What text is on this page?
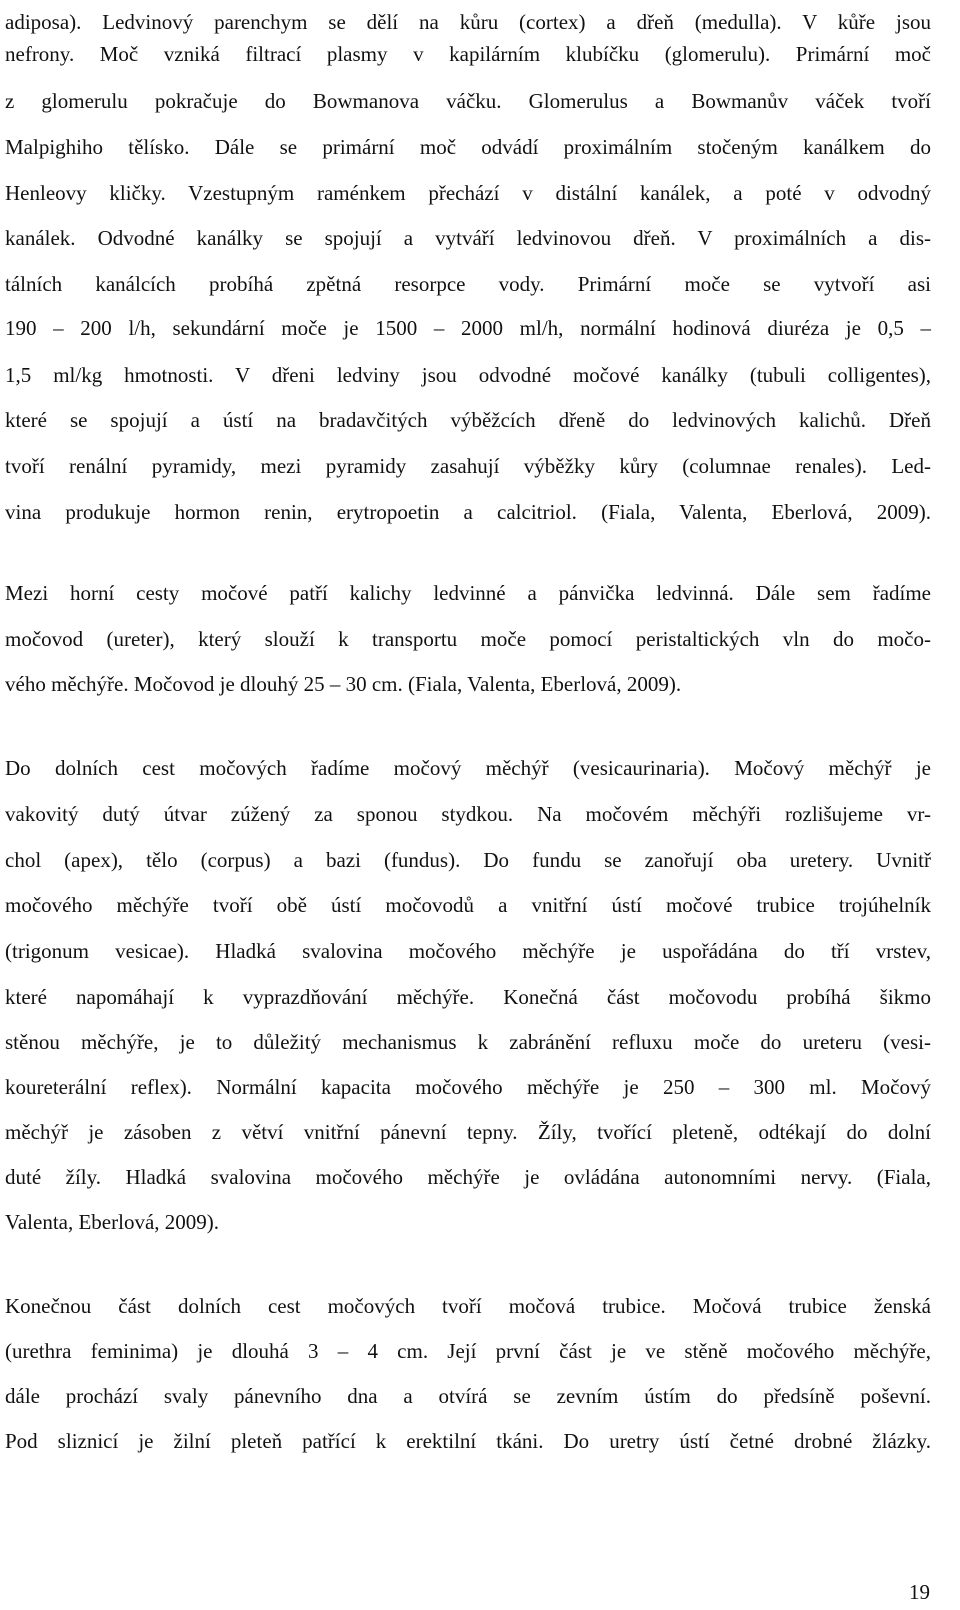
adiposa). Ledvinový parenchym se dělí na kůru (cortex) a dřeň (medulla). V kůře jsou
nefrony. Moč vzniká filtrací plasmy v kapilárním klubíčku (glomerulu). Primární moč
z glomerulu pokračuje do Bowmanova váčku. Glomerulus a Bowmanův váček tvoří
Malpighiho tělísko. Dále se primární moč odvádí proximálním stočeným kanálkem do
Henleovy kličky. Vzestupným raménkem přechází v distální kanálek, a poté v odvodný
kanálek. Odvodné kanálky se spojují a vytváří ledvinovou dřeň. V proximálních a dis-
tálních kanálcích probíhá zpětná resorpce vody. Primární moče se vytvoří asi
190 – 200 l/h, sekundární moče je 1500 – 2000 ml/h, normální hodinová diuréza je 0,5 –
1,5 ml/kg hmotnosti. V dřeni ledviny jsou odvodné močové kanálky (tubuli colligentes),
které se spojují a ústí na bradavčitých výběžcích dřeně do ledvinových kalichů. Dřeň
tvoří renální pyramidy, mezi pyramidy zasahují výběžky kůry (columnae renales). Led-
vina produkuje hormon renin, erytropoetin a calcitriol. (Fiala, Valenta, Eberlová, 2009).
Mezi horní cesty močové patří kalichy ledvinné a pánvička ledvinná. Dále sem řadíme
močovod (ureter), který slouží k transportu moče pomocí peristaltických vln do močo-
vého měchýře. Močovod je dlouhý 25 – 30 cm. (Fiala, Valenta, Eberlová, 2009).
Do dolních cest močových řadíme močový měchýř (vesicaurinaria). Močový měchýř je
vakovitý dutý útvar zúžený za sponou stydkou. Na močovém měchýři rozlišujeme vr-
chol (apex), tělo (corpus) a bazi (fundus). Do fundu se zanořují oba uretery. Uvnitř
močového měchýře tvoří obě ústí močovodů a vnitřní ústí močové trubice trojúhelník
(trigonum vesicae). Hladká svalovina močového měchýře je uspořádána do tří vrstev,
které napomáhají k vyprazdňování měchýře. Konečná část močovodu probíhá šikmo
stěnou měchýře, je to důležitý mechanismus k zabránění refluxu moče do ureteru (vesi-
koureterální reflex). Normální kapacita močového měchýře je 250 – 300 ml. Močový
měchýř je zásoben z větví vnitřní pánevní tepny. Žíly, tvořící pleteně, odtékají do dolní
duté žíly. Hladká svalovina močového měchýře je ovládána autonomními nervy. (Fiala,
Valenta, Eberlová, 2009).
Konečnou část dolních cest močových tvoří močová trubice. Močová trubice ženská
(urethra feminima) je dlouhá 3 – 4 cm. Její první část je ve stěně močového měchýře,
dále prochází svaly pánevního dna a otvírá se zevním ústím do předsíně poševní.
Pod sliznicí je žilní pleteň patřící k erektilní tkáni. Do uretry ústí četné drobné žlázky.
19
